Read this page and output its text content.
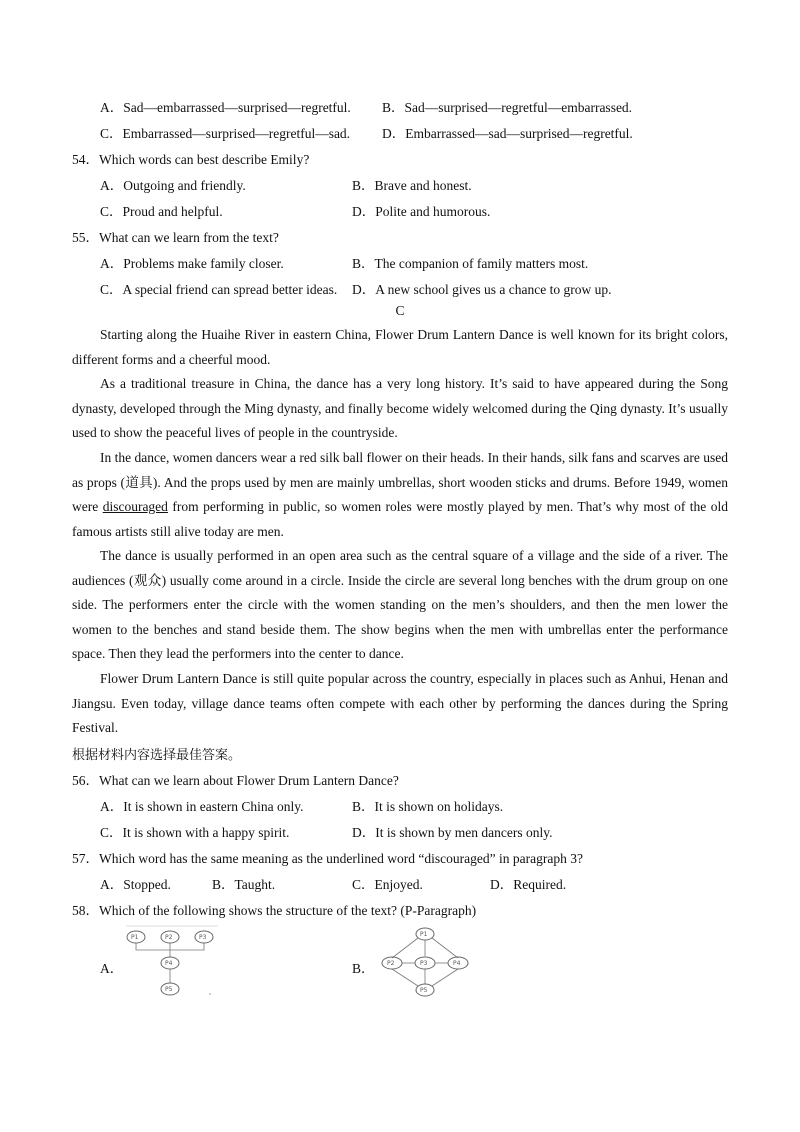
A．Sad—embarrassed—surprised—regretful. B．Sad—surprised—regretful—embarrassed.
C．Embarrassed—surprised—regretful—sad. D．Embarrassed—sad—surprised—regretful.
54．Which words can best describe Emily?
A．Outgoing and friendly.	B．Brave and honest.
C．Proud and helpful.	D．Polite and humorous.
55．What can we learn from the text?
A．Problems make family closer.	B．The companion of family matters most.
C．A special friend can spread better ideas. D．A new school gives us a chance to grow up.
C
Starting along the Huaihe River in eastern China, Flower Drum Lantern Dance is well known for its bright colors, different forms and a cheerful mood.
As a traditional treasure in China, the dance has a very long history. It’s said to have appeared during the Song dynasty, developed through the Ming dynasty, and finally become widely welcomed during the Qing dynasty. It’s usually used to show the peaceful lives of people in the countryside.
In the dance, women dancers wear a red silk ball flower on their heads. In their hands, silk fans and scarves are used as props (道具). And the props used by men are mainly umbrellas, short wooden sticks and drums. Before 1949, women were discouraged from performing in public, so women roles were mostly played by men. That’s why most of the old famous artists still alive today are men.
The dance is usually performed in an open area such as the central square of a village and the side of a river. The audiences (观众) usually come around in a circle. Inside the circle are several long benches with the drum group on one side. The performers enter the circle with the women standing on the men’s shoulders, and then the men lower the women to the benches and stand beside them. The show begins when the men with umbrellas enter the performance space. Then they lead the performers into the center to dance.
Flower Drum Lantern Dance is still quite popular across the country, especially in places such as Anhui, Henan and Jiangsu. Even today, village dance teams often compete with each other by performing the dances during the Spring Festival.
根据材料内容选择最佳答案。
56．What can we learn about Flower Drum Lantern Dance?
A．It is shown in eastern China only.	B．It is shown on holidays.
C．It is shown with a happy spirit.	D．It is shown by men dancers only.
57．Which word has the same meaning as the underlined word “discouraged” in paragraph 3?
A．Stopped.	B．Taught.	C．Enjoyed.	D．Required.
58．Which of the following shows the structure of the text? (P-Paragraph)
A．	B．
P1	P2	P3
P4
P5
P1
P2	P3	P4
P5
